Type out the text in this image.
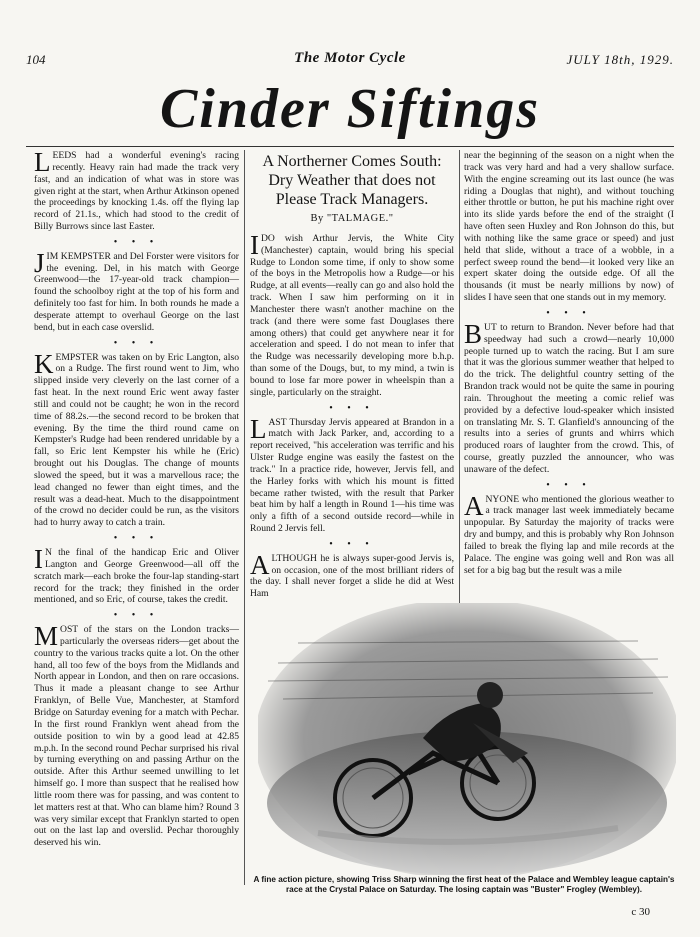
104	The Motor Cycle	JULY 18th, 1929.
Cinder Siftings

LEEDS had a wonderful evening's racing recently. Heavy rain had made the track very fast, and an indication of what was in store was given right at the start, when Arthur Atkinson opened the proceedings by knocking 1.4s. off the flying lap record of 21.1s., which had stood to the credit of Billy Burrows since last Easter.

• • •

JIM KEMPSTER and Del Forster were visitors for the evening. Del, in his match with George Greenwood—the 17-year-old track champion—found the schoolboy right at the top of his form and definitely too fast for him. In both rounds he made a desperate attempt to overhaul George on the last bend, but in each case overslid.

• • •

KEMPSTER was taken on by Eric Langton, also on a Rudge. The first round went to Jim, who slipped inside very cleverly on the last corner of a fast heat. In the next round Eric went away faster still and could not be caught; he won in the record time of 88.2s.—the second record to be broken that evening. By the time the third round came on Kempster's Rudge had been rendered unridable by a fall, so Eric lent Kempster his while he (Eric) brought out his Douglas. The change of mounts slowed the speed, but it was a marvellous race; the lead changed no fewer than eight times, and the result was a dead-heat. Much to the disappointment of the crowd no decider could be run, as the visitors had to hurry away to catch a train.

• • •

I N the final of the handicap Eric and Oliver Langton and George Greenwood—all off the scratch mark—each broke the four-lap standing-start record for the track; they finished in the order mentioned, and so Eric, of course, takes the credit.

• • •

MOST of the stars on the London tracks—particularly the overseas riders—get about the country to the various tracks quite a lot. On the other hand, all too few of the boys from the Midlands and North appear in London, and then on rare occasions. Thus it made a pleasant change to see Arthur Franklyn, of Belle Vue, Manchester, at Stamford Bridge on Saturday evening for a match with Pechar. In the first round Franklyn went ahead from the outside position to win by a good lead at 42.85 m.p.h. In the second round Pechar surprised his rival by turning everything on and passing Arthur on the outside. After this Arthur seemed unwilling to let himself go. I more than suspect that he realised how little room there was for passing, and was content to let matters rest at that. Who can blame him? Round 3 was very similar except that Franklyn started to open out on the last lap and overslid. Pechar thoroughly deserved his win.

A Northerner Comes South: Dry Weather that does not Please Track Managers.
By "TALMAGE."

I DO wish Arthur Jervis, the White City (Manchester) captain, would bring his special Rudge to London some time, if only to show some of the boys in the Metropolis how a Rudge—or his Rudge, at all events—really can go and also hold the track. When I saw him performing on it in Manchester there wasn't another machine on the track (and there were some fast Douglases there among others) that could get anywhere near it for acceleration and speed. I do not mean to infer that the Rudge was necessarily developing more b.h.p. than some of the Dougs, but, to my mind, a twin is bound to lose far more power in wheelspin than a single, particularly on the straight.

• • •

LAST Thursday Jervis appeared at Brandon in a match with Jack Parker, and, according to a report received, "his acceleration was terrific and his Ulster Rudge engine was easily the fastest on the track." In a practice ride, however, Jervis fell, and the Harley forks with which his mount is fitted became rather twisted, with the result that Parker beat him by half a length in Round 1—his time was only a fifth of a second outside record—while in Round 2 Jervis fell.

• • •

ALTHOUGH he is always super-good Jervis is, on occasion, one of the most brilliant riders of the day. I shall never forget a slide he did at West Ham

near the beginning of the season on a night when the track was very hard and had a very shallow surface. With the engine screaming out its last ounce (he was riding a Douglas that night), and without touching either throttle or button, he put his machine right over into its slide yards before the end of the straight (I have often seen Huxley and Ron Johnson do this, but with nothing like the same grace or speed) and just held that slide, without a trace of a wobble, in a perfect sweep round the bend—it looked very like an expert skater doing the outside edge. Of all the thousands (it must be nearly millions by now) of slides I have seen that one stands out in my memory.

• • •

BUT to return to Brandon. Never before had that speedway had such a crowd—nearly 10,000 people turned up to watch the racing. But I am sure that it was the glorious summer weather that helped to do the trick. The delightful country setting of the Brandon track would not be quite the same in pouring rain. Throughout the meeting a comic relief was provided by a defective loud-speaker which insisted on translating Mr. S. T. Glanfield's announcing of the results into a series of grunts and whirrs which produced roars of laughter from the crowd. This, of course, greatly puzzled the announcer, who was unaware of the defect.

• • •

ANYONE who mentioned the glorious weather to a track manager last week immediately became unpopular. By Saturday the majority of tracks were dry and bumpy, and this is probably why Ron Johnson failed to break the flying lap and mile records at the Palace. The engine was going well and Ron was all set for a big bag but the result was a mile

A fine action picture, showing Triss Sharp winning the first heat of the Palace and Wembley league captain's race at the Crystal Palace on Saturday. The losing captain was "Buster" Frogley (Wembley).
c 30
